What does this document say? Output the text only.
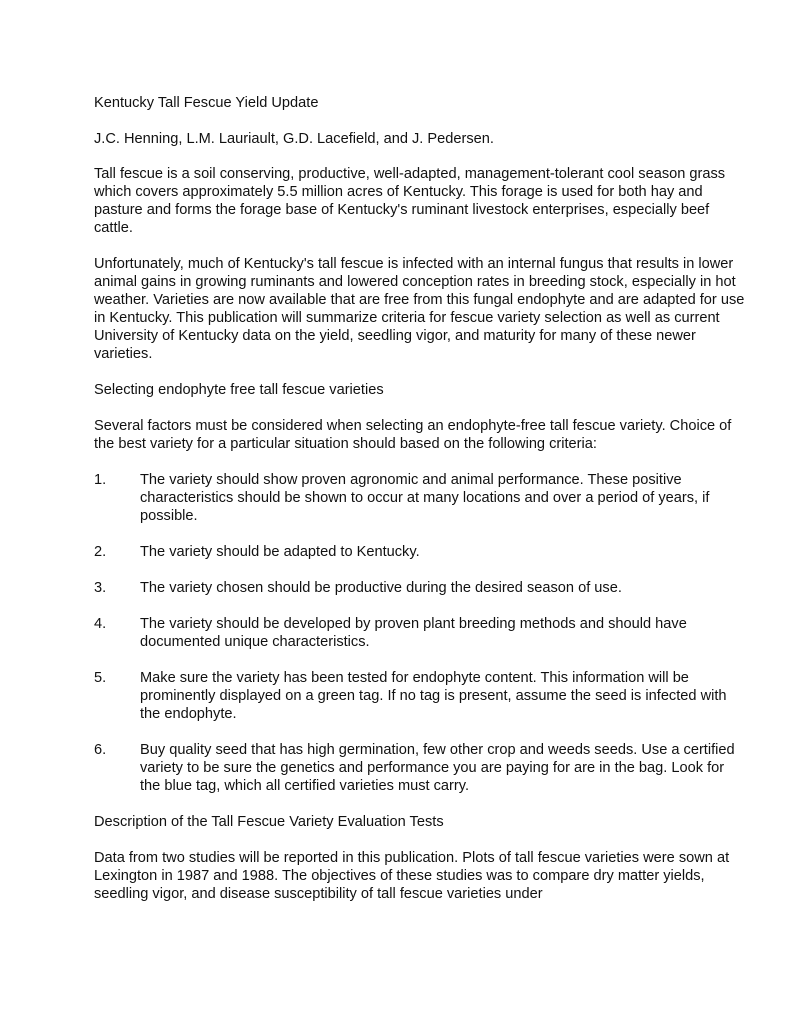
Kentucky Tall Fescue Yield Update

J.C. Henning, L.M. Lauriault, G.D. Lacefield, and J. Pedersen.

Tall fescue is a soil conserving, productive, well-adapted, management-tolerant cool season grass which covers approximately 5.5 million acres of Kentucky. This forage is used for both hay and pasture and forms the forage base of Kentucky's ruminant livestock enterprises, especially beef cattle.

Unfortunately, much of Kentucky's tall fescue is infected with an internal fungus that results in lower animal gains in growing ruminants and lowered conception rates in breeding stock, especially in hot weather. Varieties are now available that are free from this fungal endophyte and are adapted for use in Kentucky. This publication will summarize criteria for fescue variety selection as well as current University of Kentucky data on the yield, seedling vigor, and maturity for many of these newer varieties.

Selecting endophyte free tall fescue varieties

Several factors must be considered when selecting an endophyte-free tall fescue variety. Choice of the best variety for a particular situation should based on the following criteria:

1.	The variety should show proven agronomic and animal performance. These positive characteristics should be shown to occur at many locations and over a period of years, if possible.
2.	The variety should be adapted to Kentucky.
3.	The variety chosen should be productive during the desired season of use.
4.	The variety should be developed by proven plant breeding methods and should have documented unique characteristics.
5.	Make sure the variety has been tested for endophyte content. This information will be prominently displayed on a green tag. If no tag is present, assume the seed is infected with the endophyte.
6.	Buy quality seed that has high germination, few other crop and weeds seeds. Use a certified variety to be sure the genetics and performance you are paying for are in the bag. Look for the blue tag, which all certified varieties must carry.

Description of the Tall Fescue Variety Evaluation Tests

Data from two studies will be reported in this publication. Plots of tall fescue varieties were sown at Lexington in 1987 and 1988. The objectives of these studies was to compare dry matter yields, seedling vigor, and disease susceptibility of tall fescue varieties under
